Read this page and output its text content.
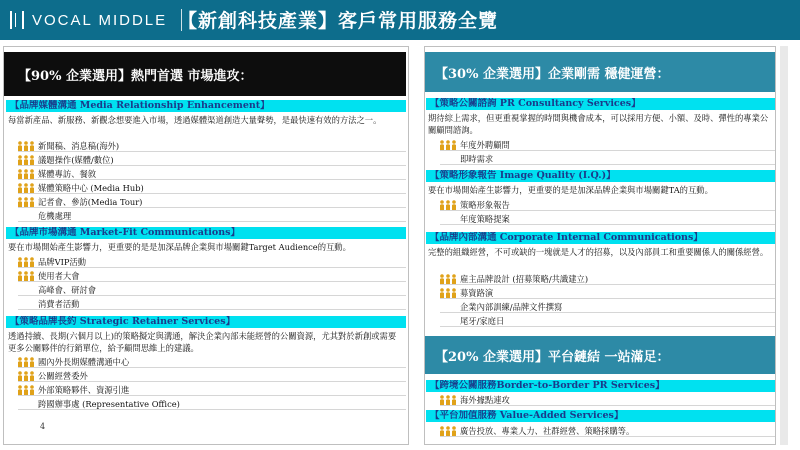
VOCAL MIDDLE 【新創科技產業】客戶常用服務全覽
【90% 企業選用】熱門首選 市場進攻：
【品牌媒體溝通 Media Relationship Enhancement】
每當新產品、新服務、新觀念想要進入市場，透過媒體渠道創造大量聲勢，是最快速有效的方法之一。
新聞稿、消息稿(海外)
議題操作(媒體/數位)
媒體專訪、餐敘
媒體策略中心 (Media Hub)
記者會、參訪(Media Tour)
危機處理
【品牌市場溝通 Market-Fit Communications】
要在市場開始產生影響力，更重要的是是加深品牌企業與市場關鍵Target Audience的互動。
品牌VIP活動
使用者大會
高峰會、研討會
消費者活動
【策略品牌長約 Strategic Retainer Services】
透過持續、長期(六個月以上)的策略擬定與溝通，解決企業內部未能經營的公關資源，尤其對於新創或需要更多公關夥伴的行銷單位，給予顧問思維上的建議。
國內外長期媒體溝通中心
公關經營委外
外部策略夥伴、資源引進
跨國辦事處 (Representative Office)
4
【30% 企業選用】企業剛需 穩健運營：
【策略公關諮詢 PR Consultancy Services】
期待綜上需求，但更重視掌握的時間與機會成本，可以採用方便、小額、及時、彈性的專業公關顧問諮詢。
年度外聘顧問
即時需求
【策略形象報告 Image Quality (I.Q.)】
要在市場開始產生影響力，更重要的是是加深品牌企業與市場關鍵TA的互動。
策略形象報告
年度策略提案
【品牌內部溝通 Corporate Internal Communications】
完整的組織經營，不可或缺的一塊就是人才的招募，以及內部員工和重要關係人的關係經營。
雇主品牌設計 (招募策略/共識建立)
募資路演
企業內部訓練/品牌文件撰寫
尾牙/家庭日
【20% 企業選用】平台鏈結 一站滿足：
【跨境公關服務Border-to-Border PR Services】
海外據點連攻
【平台加值服務 Value-Added Services】
廣告投放、專業人力、社群經營、策略採購等。
